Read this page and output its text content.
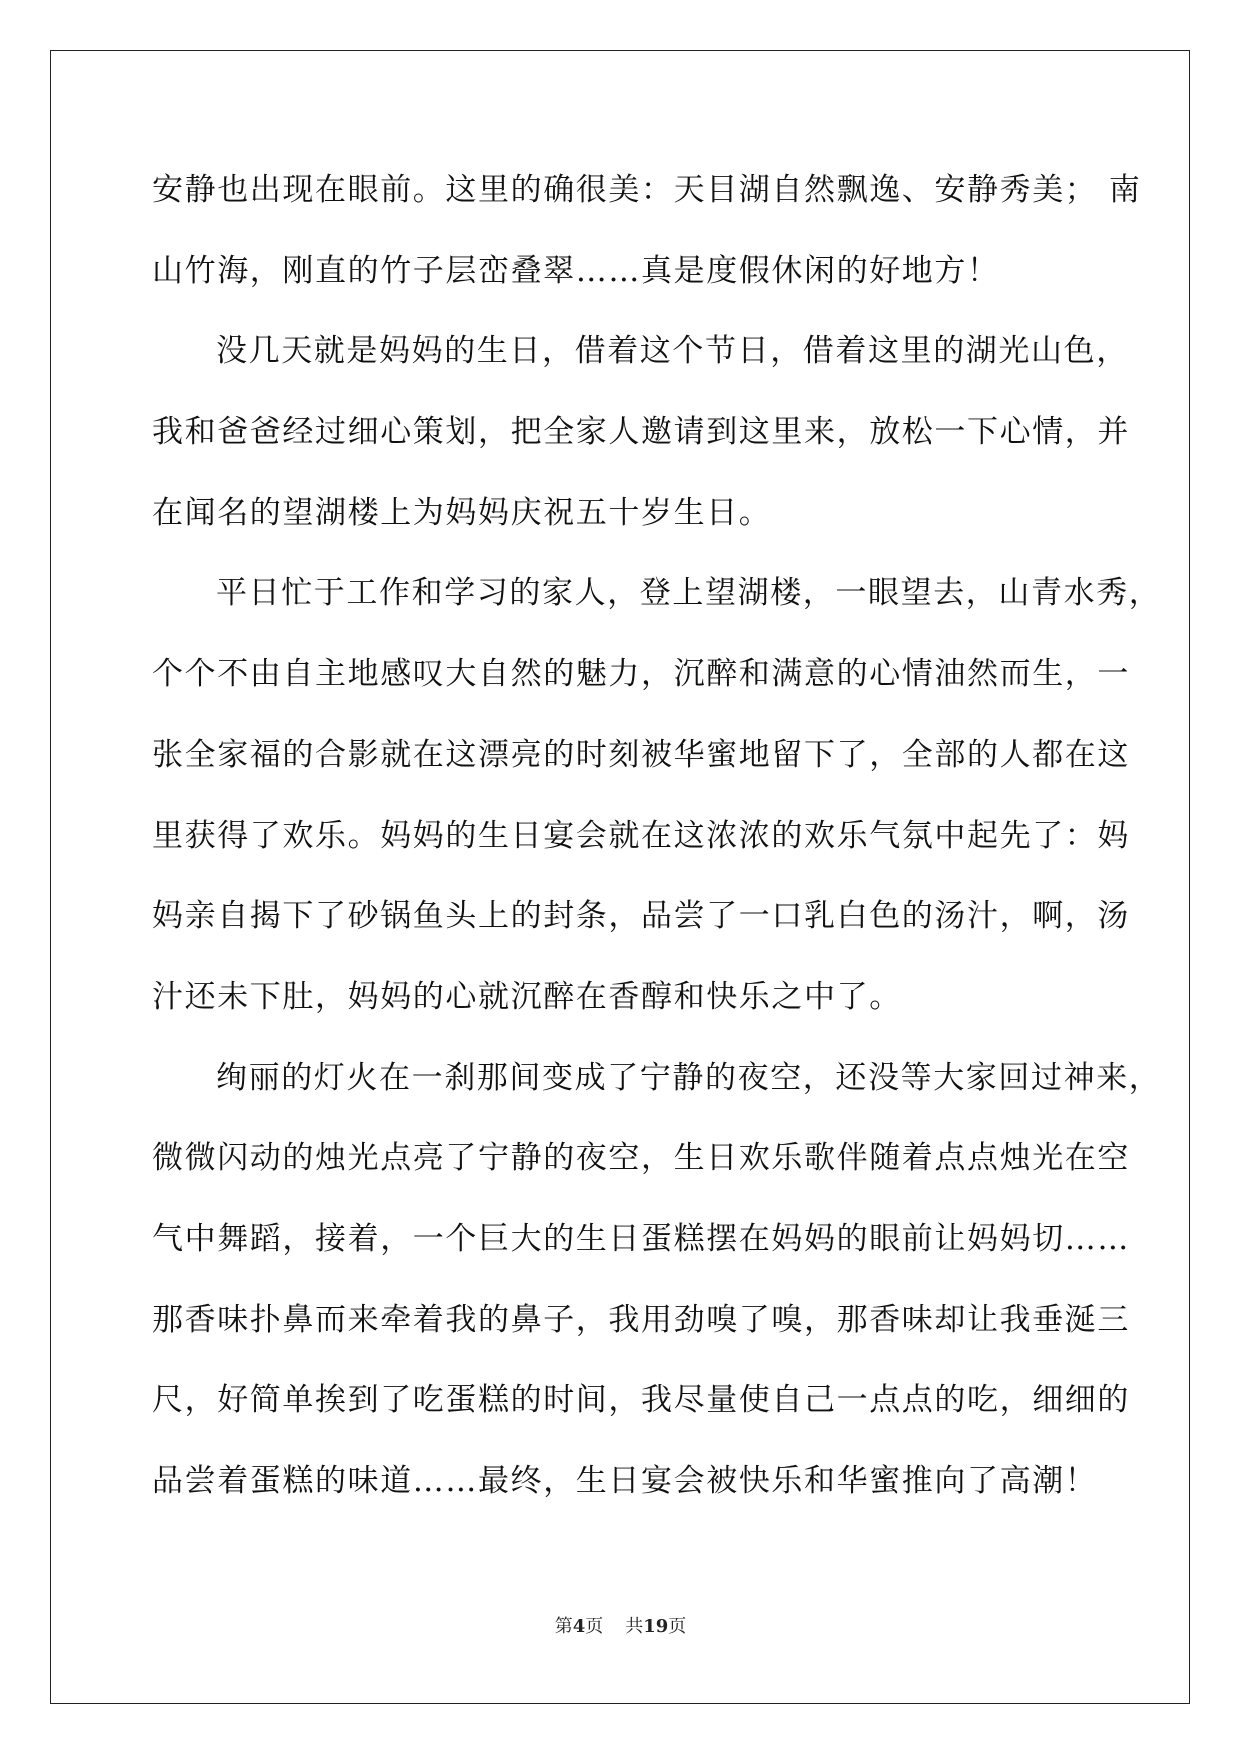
安静也出现在眼前。这里的确很美：天目湖自然飘逸、安静秀美； 南
山竹海，刚直的竹子层峦叠翠……真是度假休闲的好地方！
没几天就是妈妈的生日，借着这个节日，借着这里的湖光山色，
我和爸爸经过细心策划，把全家人邀请到这里来，放松一下心情，并
在闻名的望湖楼上为妈妈庆祝五十岁生日。
平日忙于工作和学习的家人，登上望湖楼，一眼望去，山青水秀，
个个不由自主地感叹大自然的魅力，沉醉和满意的心情油然而生，一
张全家福的合影就在这漂亮的时刻被华蜜地留下了，全部的人都在这
里获得了欢乐。妈妈的生日宴会就在这浓浓的欢乐气氛中起先了：妈
妈亲自揭下了砂锅鱼头上的封条，品尝了一口乳白色的汤汁，啊，汤
汁还未下肚，妈妈的心就沉醉在香醇和快乐之中了。
绚丽的灯火在一刹那间变成了宁静的夜空，还没等大家回过神来，
微微闪动的烛光点亮了宁静的夜空，生日欢乐歌伴随着点点烛光在空
气中舞蹈，接着，一个巨大的生日蛋糕摆在妈妈的眼前让妈妈切……
那香味扑鼻而来牵着我的鼻子，我用劲嗅了嗅，那香味却让我垂涎三
尺，好简单挨到了吃蛋糕的时间，我尽量使自己一点点的吃，细细的
品尝着蛋糕的味道……最终，生日宴会被快乐和华蜜推向了高潮！
第4页 共19页
